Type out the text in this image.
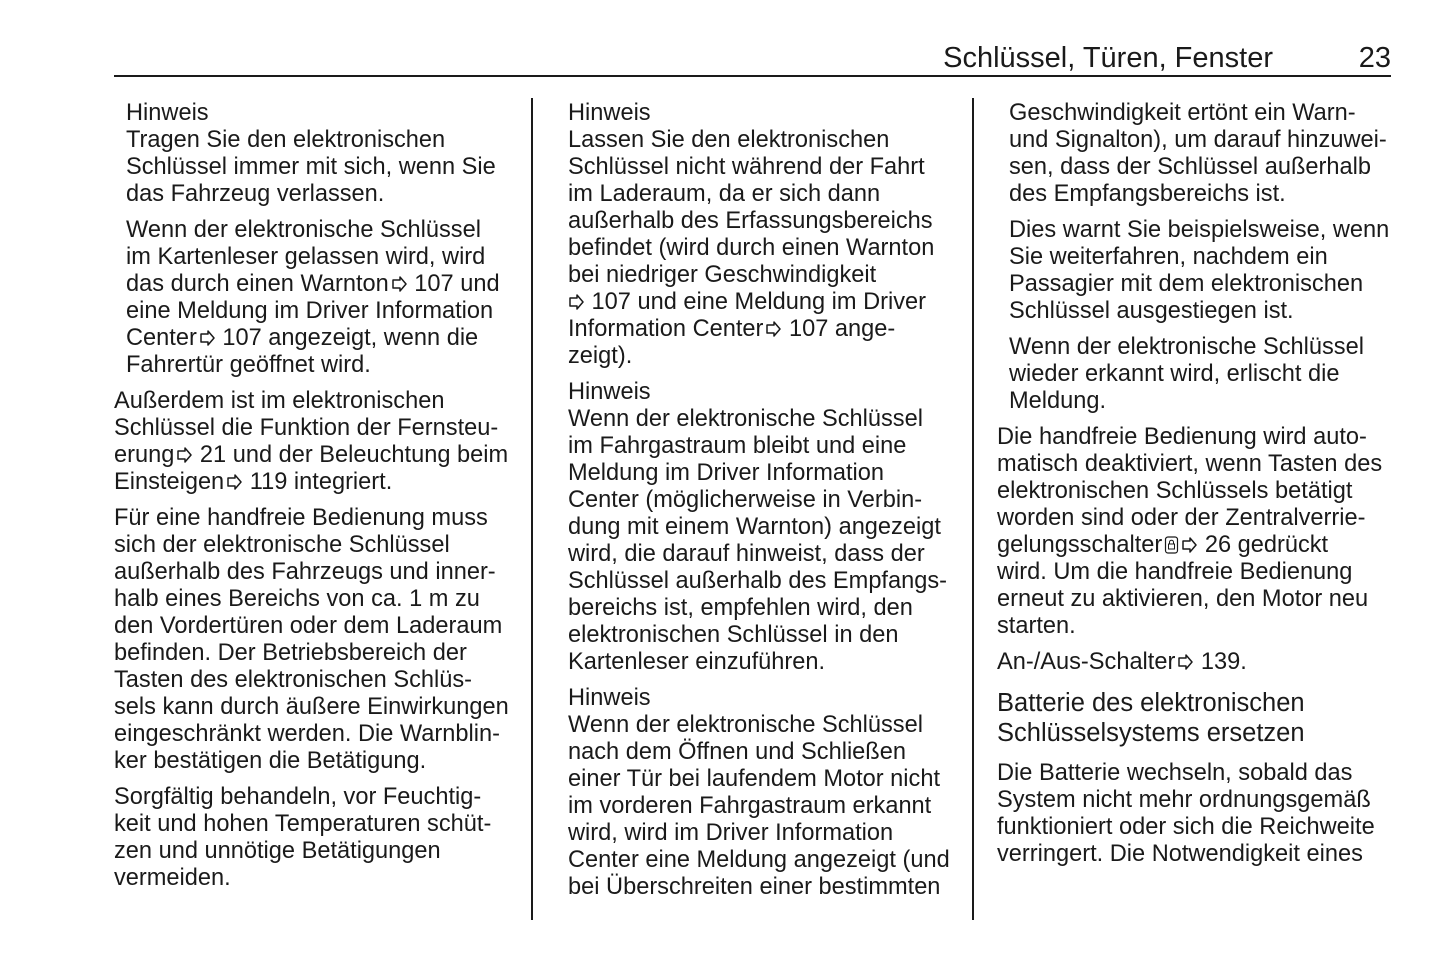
Schlüssel, Türen, Fenster	23
Hinweis
Tragen Sie den elektronischen
Schlüssel immer mit sich, wenn Sie
das Fahrzeug verlassen.
Wenn der elektronische Schlüssel
im Kartenleser gelassen wird, wird
das durch einen Warnton 107 und
eine Meldung im Driver Information
Center 107 angezeigt, wenn die
Fahrertür geöffnet wird.

Außerdem ist im elektronischen
Schlüssel die Funktion der Fernsteu-
erung 21 und der Beleuchtung beim
Einsteigen 119 integriert.

Für eine handfreie Bedienung muss
sich der elektronische Schlüssel
außerhalb des Fahrzeugs und inner-
halb eines Bereichs von ca. 1 m zu
den Vordertüren oder dem Laderaum
befinden. Der Betriebsbereich der
Tasten des elektronischen Schlüs-
sels kann durch äußere Einwirkungen
eingeschränkt werden. Die Warnblin-
ker bestätigen die Betätigung.

Sorgfältig behandeln, vor Feuchtig-
keit und hohen Temperaturen schüt-
zen und unnötige Betätigungen
vermeiden.

Hinweis
Lassen Sie den elektronischen
Schlüssel nicht während der Fahrt
im Laderaum, da er sich dann
außerhalb des Erfassungsbereichs
befindet (wird durch einen Warnton
bei niedriger Geschwindigkeit
107 und eine Meldung im Driver
Information Center 107 ange-
zeigt).
Hinweis
Wenn der elektronische Schlüssel
im Fahrgastraum bleibt und eine
Meldung im Driver Information
Center (möglicherweise in Verbin-
dung mit einem Warnton) angezeigt
wird, die darauf hinweist, dass der
Schlüssel außerhalb des Empfangs-
bereichs ist, empfehlen wird, den
elektronischen Schlüssel in den
Kartenleser einzuführen.
Hinweis
Wenn der elektronische Schlüssel
nach dem Öffnen und Schließen
einer Tür bei laufendem Motor nicht
im vorderen Fahrgastraum erkannt
wird, wird im Driver Information
Center eine Meldung angezeigt (und
bei Überschreiten einer bestimmten
Geschwindigkeit ertönt ein Warn-
und Signalton), um darauf hinzuwei-
sen, dass der Schlüssel außerhalb
des Empfangsbereichs ist.
Dies warnt Sie beispielsweise, wenn
Sie weiterfahren, nachdem ein
Passagier mit dem elektronischen
Schlüssel ausgestiegen ist.
Wenn der elektronische Schlüssel
wieder erkannt wird, erlischt die
Meldung.

Die handfreie Bedienung wird auto-
matisch deaktiviert, wenn Tasten des
elektronischen Schlüssels betätigt
worden sind oder der Zentralverrie-
gelungsschalter 26 gedrückt
wird. Um die handfreie Bedienung
erneut zu aktivieren, den Motor neu
starten.

An-/Aus-Schalter 139.

Batterie des elektronischen
Schlüsselsystems ersetzen

Die Batterie wechseln, sobald das
System nicht mehr ordnungsgemäß
funktioniert oder sich die Reichweite
verringert. Die Notwendigkeit eines
